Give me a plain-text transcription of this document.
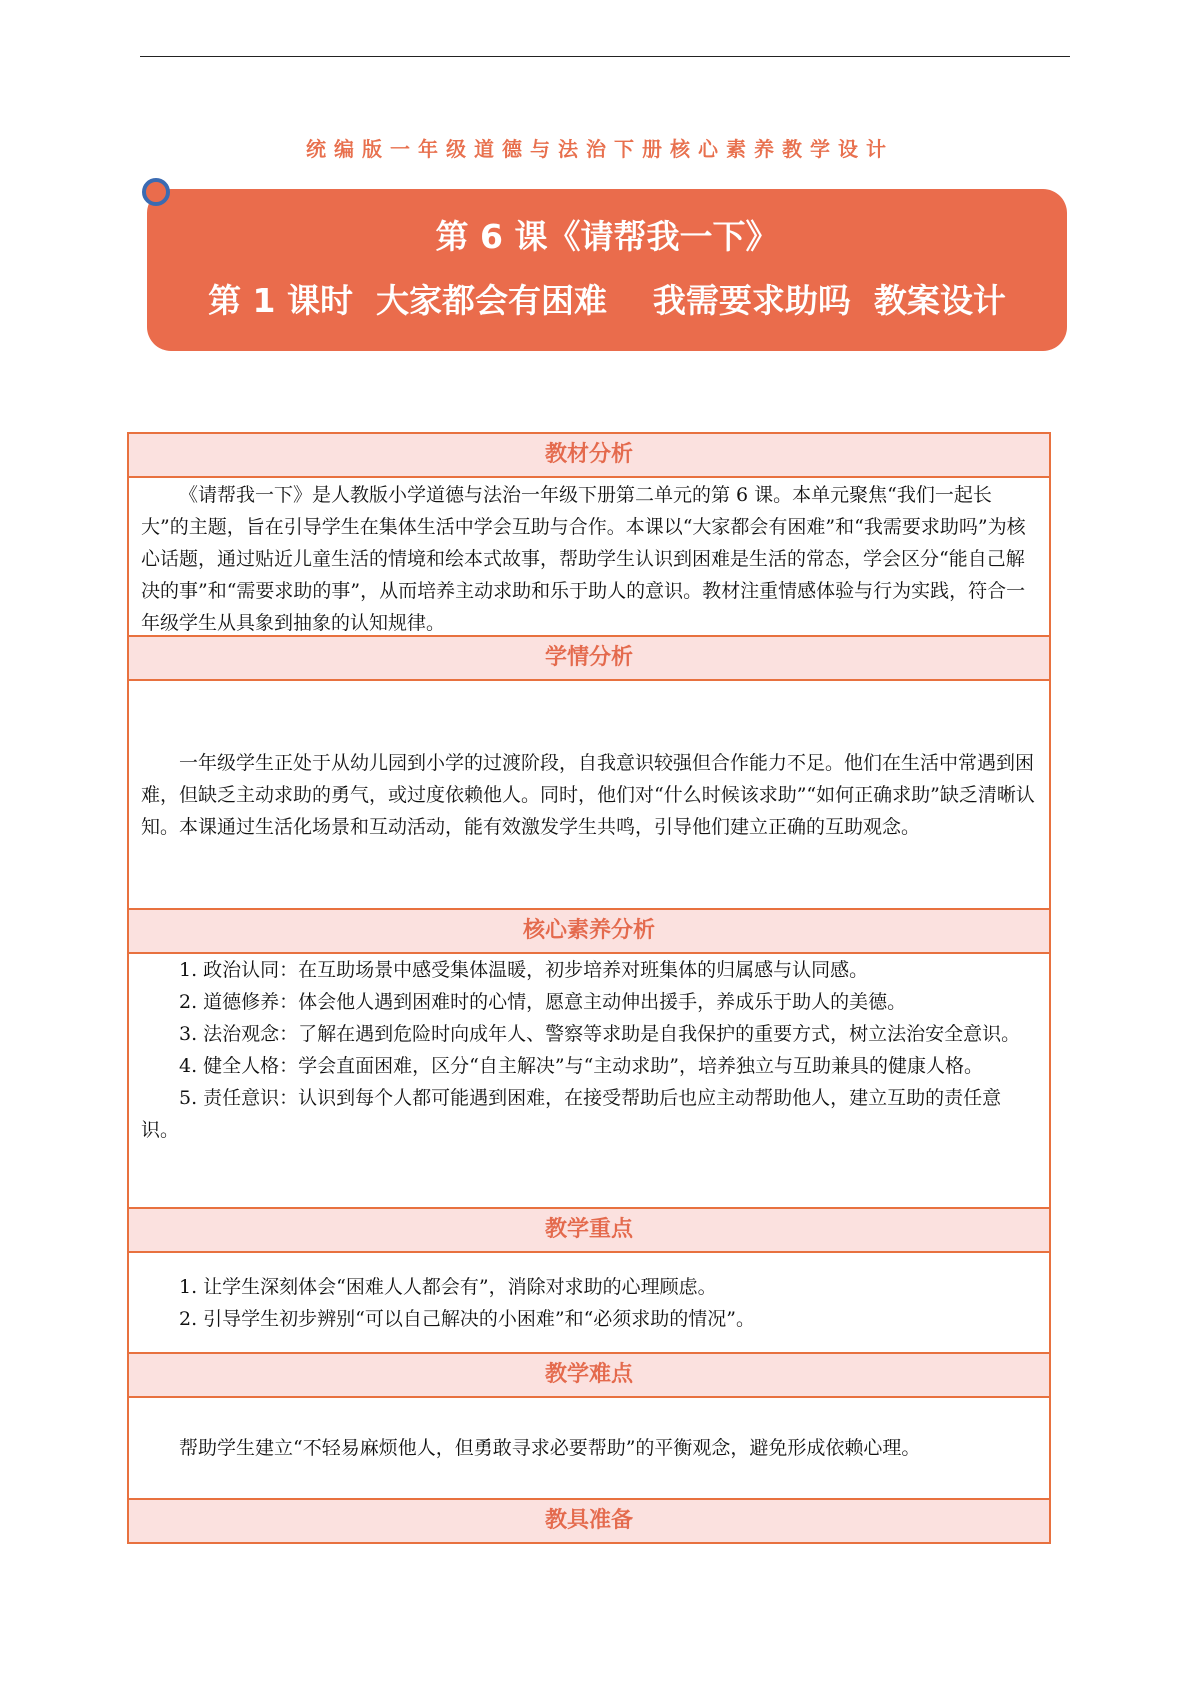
统编版一年级道德与法治下册核心素养教学设计
第 6 课《请帮我一下》
第 1 课时  大家都会有困难    我需要求助吗  教案设计
教材分析

《请帮我一下》是人教版小学道德与法治一年级下册第二单元的第 6 课。本单元聚焦“我们一起长大”的主题，旨在引导学生在集体生活中学会互助与合作。本课以“大家都会有困难”和“我需要求助吗”为核心话题，通过贴近儿童生活的情境和绘本式故事，帮助学生认识到困难是生活的常态，学会区分“能自己解决的事”和“需要求助的事”，从而培养主动求助和乐于助人的意识。教材注重情感体验与行为实践，符合一年级学生从具象到抽象的认知规律。

学情分析

一年级学生正处于从幼儿园到小学的过渡阶段，自我意识较强但合作能力不足。他们在生活中常遇到困难，但缺乏主动求助的勇气，或过度依赖他人。同时，他们对“什么时候该求助”“如何正确求助”缺乏清晰认知。本课通过生活化场景和互动活动，能有效激发学生共鸣，引导他们建立正确的互助观念。

核心素养分析

1. 政治认同：在互助场景中感受集体温暖，初步培养对班集体的归属感与认同感。

2. 道德修养：体会他人遇到困难时的心情，愿意主动伸出援手，养成乐于助人的美德。

3. 法治观念：了解在遇到危险时向成年人、警察等求助是自我保护的重要方式，树立法治安全意识。

4. 健全人格：学会直面困难，区分“自主解决”与“主动求助”，培养独立与互助兼具的健康人格。

5. 责任意识：认识到每个人都可能遇到困难，在接受帮助后也应主动帮助他人，建立互助的责任意识。

教学重点

1. 让学生深刻体会“困难人人都会有”，消除对求助的心理顾虑。

2. 引导学生初步辨别“可以自己解决的小困难”和“必须求助的情况”。

教学难点

帮助学生建立“不轻易麻烦他人，但勇敢寻求必要帮助”的平衡观念，避免形成依赖心理。

教具准备
